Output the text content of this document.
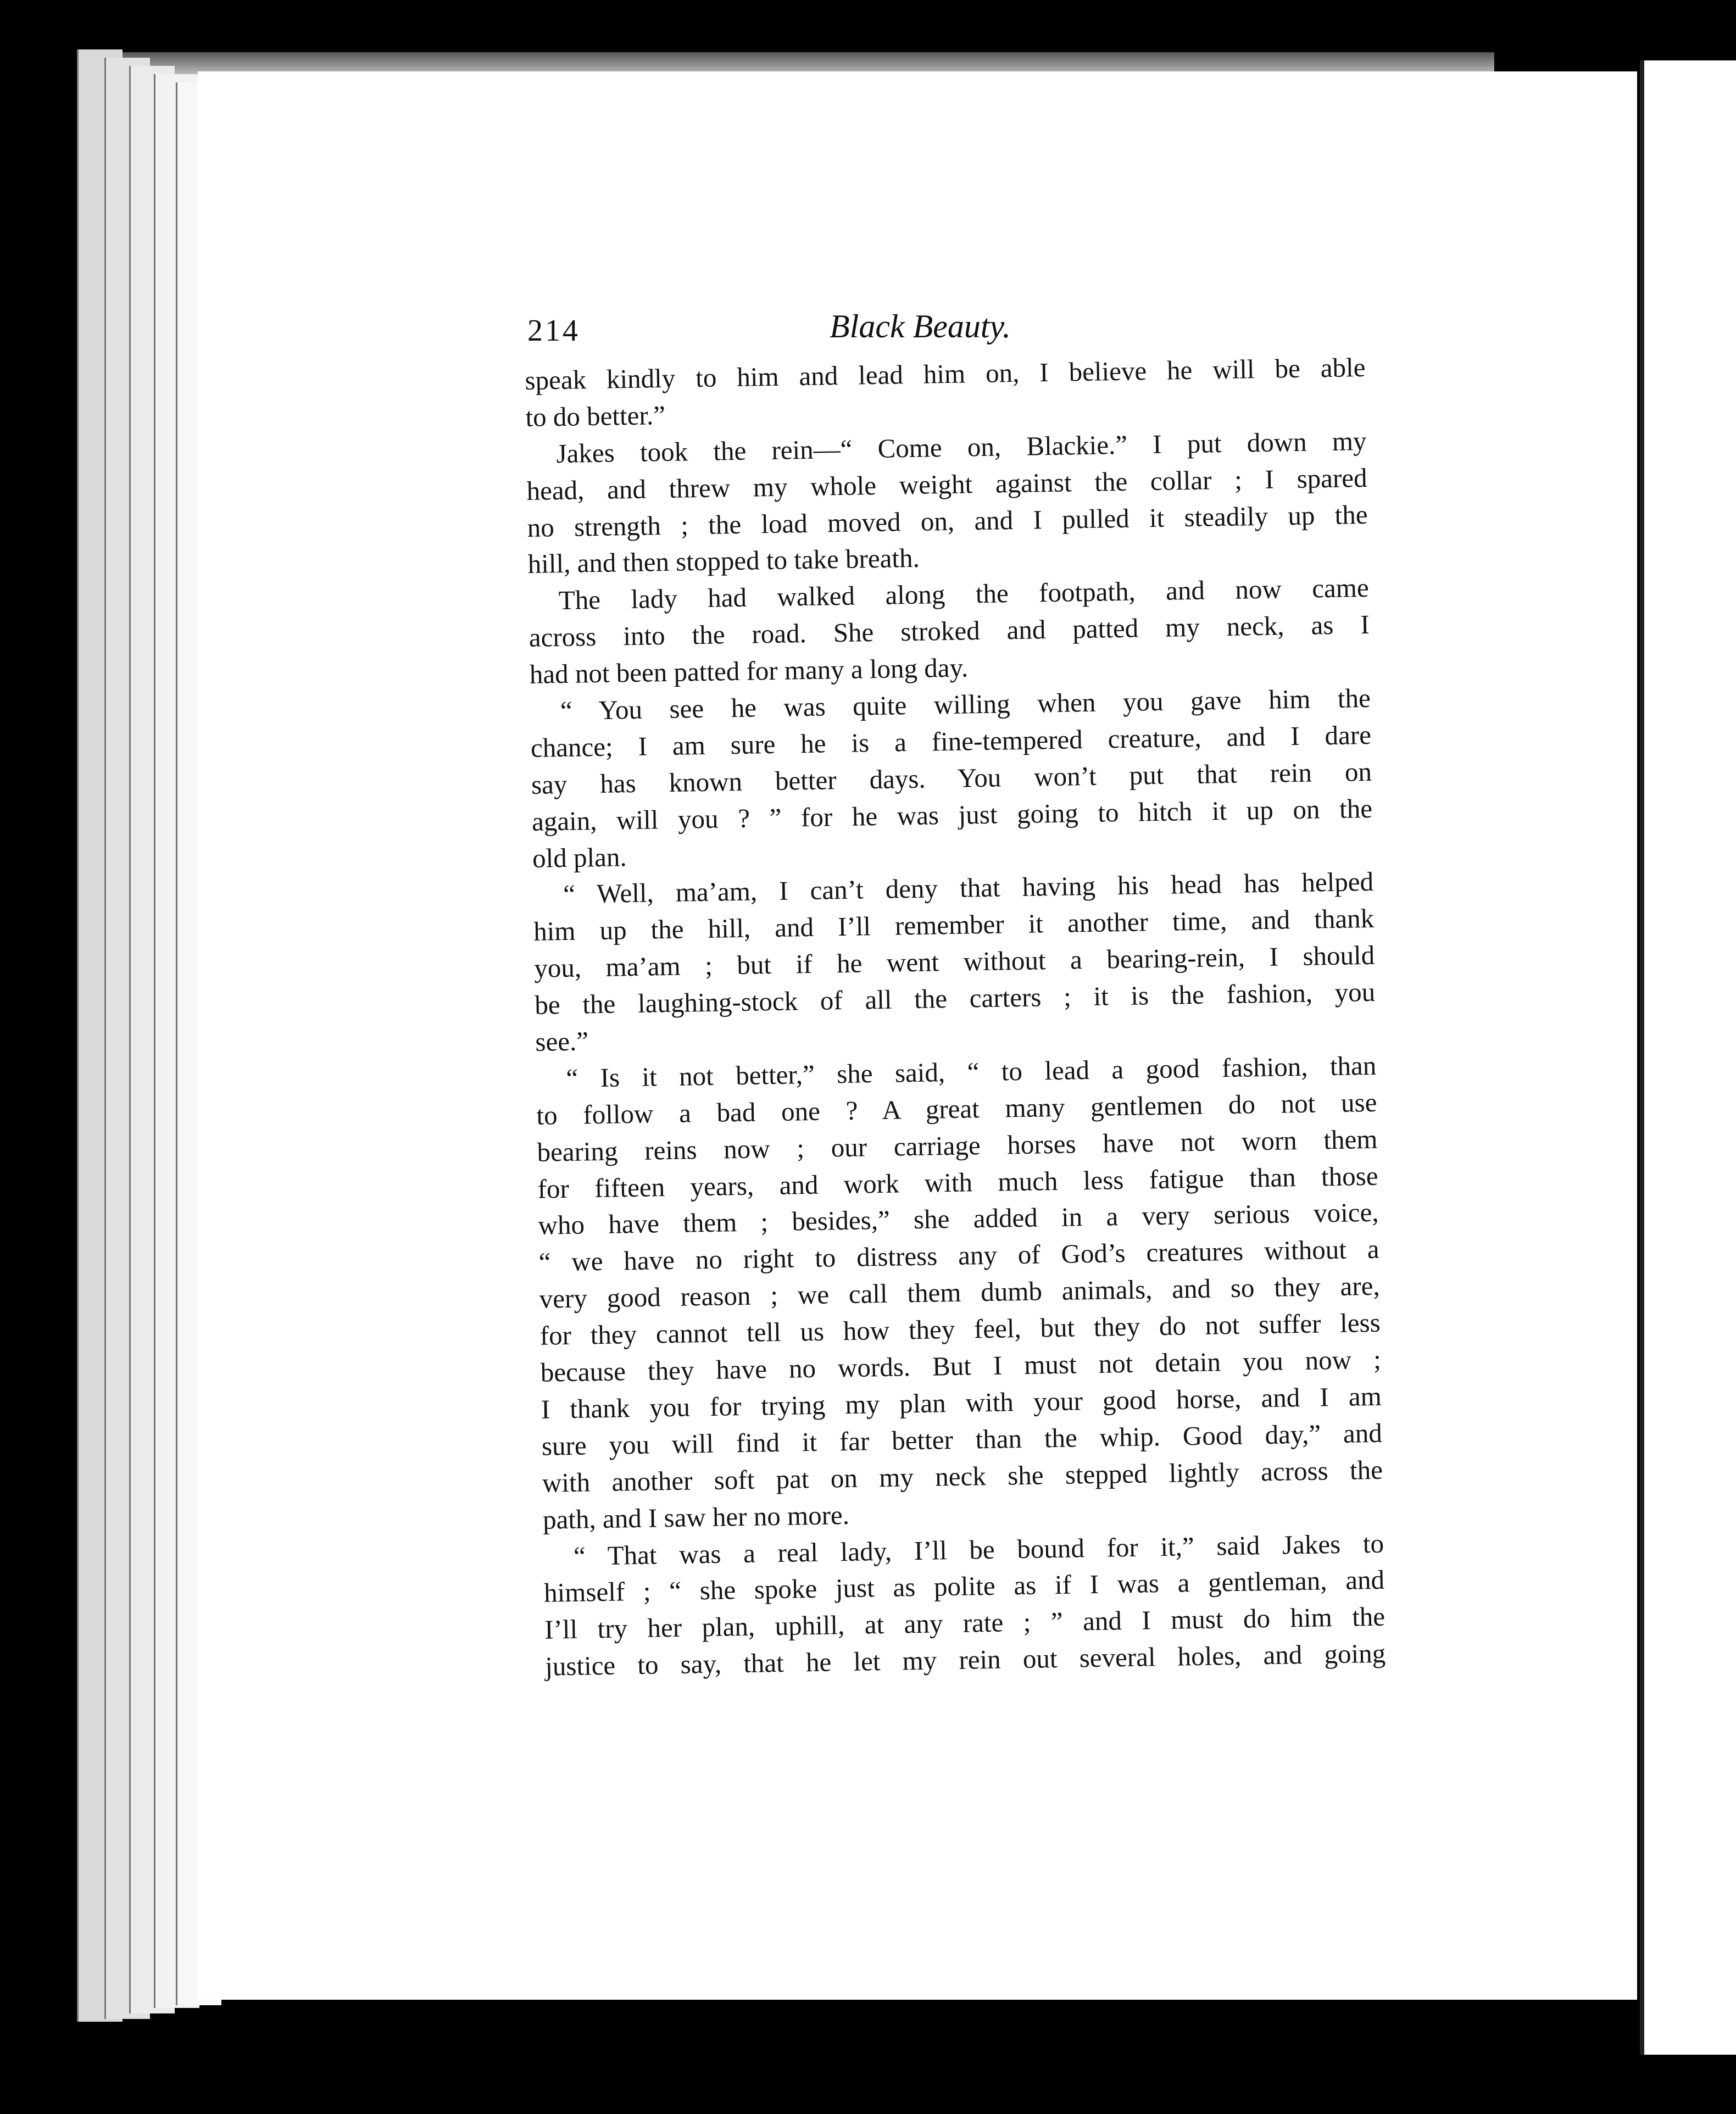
214	Black Beauty.
speak kindly to him and lead him on, I believe he will be able
to do better.”
Jakes took the rein—“ Come on, Blackie.” I put down my
head, and threw my whole weight against the collar ; I spared
no strength ; the load moved on, and I pulled it steadily up the
hill, and then stopped to take breath.
The lady had walked along the footpath, and now came
across into the road. She stroked and patted my neck, as I
had not been patted for many a long day.
“ You see he was quite willing when you gave him the
chance; I am sure he is a fine-tempered creature, and I dare
say has known better days. You won’t put that rein on
again, will you ? ” for he was just going to hitch it up on the
old plan.
“ Well, ma’am, I can’t deny that having his head has helped
him up the hill, and I’ll remember it another time, and thank
you, ma’am ; but if he went without a bearing-rein, I should
be the laughing-stock of all the carters ; it is the fashion, you
see.”
“ Is it not better,” she said, “ to lead a good fashion, than
to follow a bad one ? A great many gentlemen do not use
bearing reins now ; our carriage horses have not worn them
for fifteen years, and work with much less fatigue than those
who have them ; besides,” she added in a very serious voice,
“ we have no right to distress any of God’s creatures without a
very good reason ; we call them dumb animals, and so they are,
for they cannot tell us how they feel, but they do not suffer less
because they have no words. But I must not detain you now ;
I thank you for trying my plan with your good horse, and I am
sure you will find it far better than the whip. Good day,” and
with another soft pat on my neck she stepped lightly across the
path, and I saw her no more.
“ That was a real lady, I’ll be bound for it,” said Jakes to
himself ; “ she spoke just as polite as if I was a gentleman, and
I’ll try her plan, uphill, at any rate ; ” and I must do him the
justice to say, that he let my rein out several holes, and going
